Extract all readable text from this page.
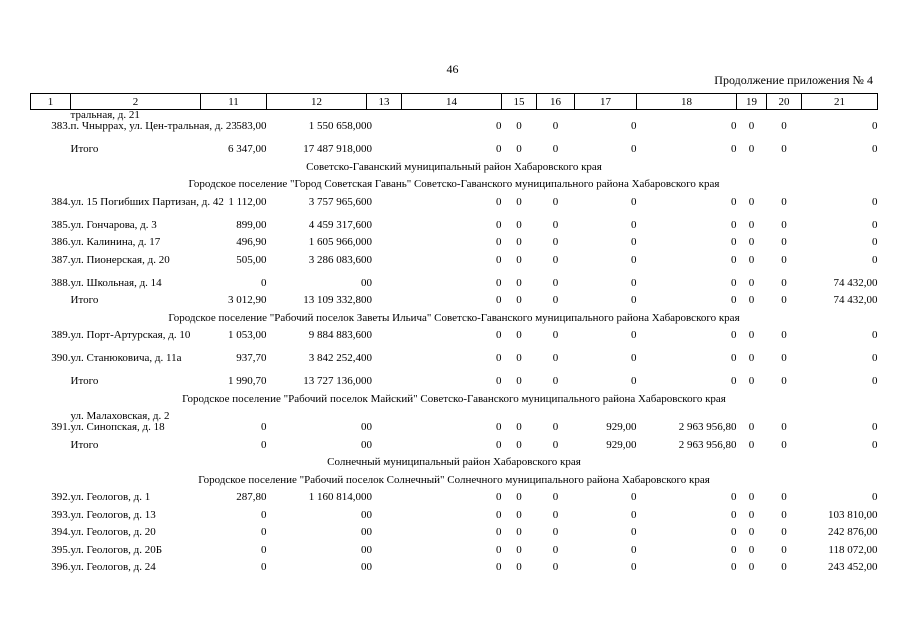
46
Продолжение приложения № 4
1	2	11	12	13	14	15	16	17	18	19	20	21
	тральная, д. 21											
383.	п. Чныррах, ул. Цен-тральная, д. 23	583,00	1 550 658,00	0	0	0	0	0	0	0	0	0
	Итого	6 347,00	17 487 918,00	0	0	0	0	0	0	0	0	0
Советско-Гаванский муниципальный район Хабаровского края												
Городское поселение "Город Советская Гавань" Советско-Гаванского муниципального района Хабаровского края												
384.	ул. 15 Погибших Партизан, д. 42	1 112,00	3 757 965,60	0	0	0	0	0	0	0	0	0
385.	ул. Гончарова, д. 3	899,00	4 459 317,60	0	0	0	0	0	0	0	0	0
386.	ул. Калинина, д. 17	496,90	1 605 966,00	0	0	0	0	0	0	0	0	0
387.	ул. Пионерская, д. 20	505,00	3 286 083,60	0	0	0	0	0	0	0	0	0
388.	ул. Школьная, д. 14	0	0	0	0	0	0	0	0	0	0	74 432,00
	Итого	3 012,90	13 109 332,80	0	0	0	0	0	0	0	0	74 432,00
Городское поселение "Рабочий поселок Заветы Ильича" Советско-Гаванского муниципального района Хабаровского края												
389.	ул. Порт-Артурская, д. 10	1 053,00	9 884 883,60	0	0	0	0	0	0	0	0	0
390.	ул. Станюковича, д. 11а	937,70	3 842 252,40	0	0	0	0	0	0	0	0	0
	Итого	1 990,70	13 727 136,00	0	0	0	0	0	0	0	0	0
Городское поселение "Рабочий поселок Майский" Советско-Гаванского муниципального района Хабаровского края												
	ул. Малаховская, д. 2											
391.	ул. Синопская, д. 18	0	0	0	0	0	0	929,00	2 963 956,80	0	0	0
	Итого	0	0	0	0	0	0	929,00	2 963 956,80	0	0	0
Солнечный муниципальный район Хабаровского края												
Городское поселение "Рабочий поселок Солнечный" Солнечного муниципального района Хабаровского края												
392.	ул. Геологов, д. 1	287,80	1 160 814,00	0	0	0	0	0	0	0	0	0
393.	ул. Геологов, д. 13	0	0	0	0	0	0	0	0	0	0	103 810,00
394.	ул. Геологов, д. 20	0	0	0	0	0	0	0	0	0	0	242 876,00
395.	ул. Геологов, д. 20Б	0	0	0	0	0	0	0	0	0	0	118 072,00
396.	ул. Геологов, д. 24	0	0	0	0	0	0	0	0	0	0	243 452,00
